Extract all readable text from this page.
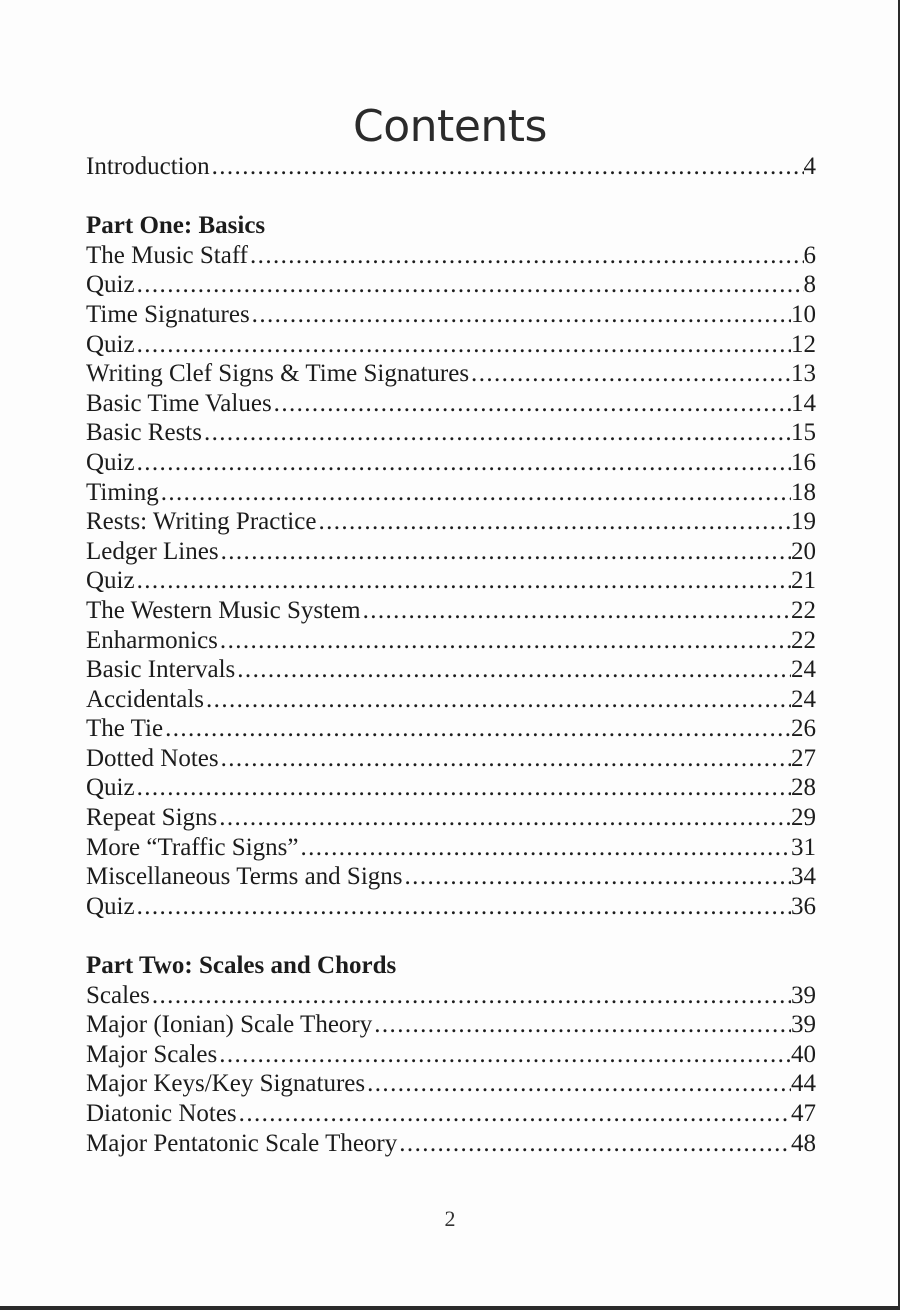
Contents
Introduction .....	4
Part One: Basics
The Music Staff .....	6
Quiz .....	8
Time Signatures .....	10
Quiz .....	12
Writing Clef Signs & Time Signatures .....	13
Basic Time Values .....	14
Basic Rests .....	15
Quiz .....	16
Timing .....	18
Rests: Writing Practice .....	19
Ledger Lines .....	20
Quiz .....	21
The Western Music System .....	22
Enharmonics .....	22
Basic Intervals .....	24
Accidentals .....	24
The Tie .....	26
Dotted Notes .....	27
Quiz .....	28
Repeat Signs .....	29
More “Traffic Signs” .....	31
Miscellaneous Terms and Signs .....	34
Quiz .....	36
Part Two: Scales and Chords
Scales .....	39
Major (Ionian) Scale Theory .....	39
Major Scales .....	40
Major Keys/Key Signatures .....	44
Diatonic Notes .....	47
Major Pentatonic Scale Theory .....	48
2
